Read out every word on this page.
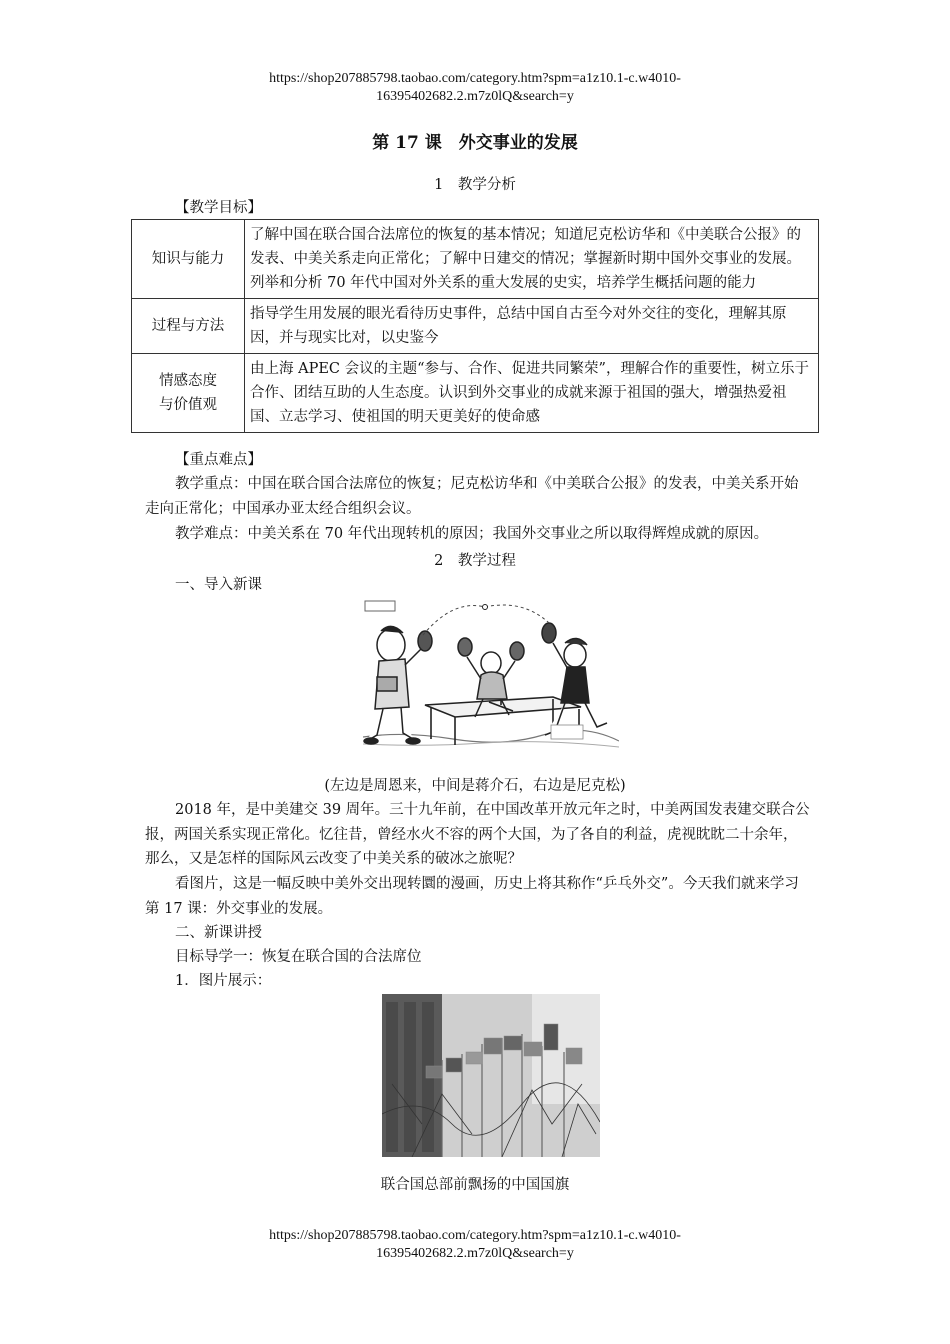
https://shop207885798.taobao.com/category.htm?spm=a1z10.1-c.w4010-
16395402682.2.m7z0lQ&search=y
第 17 课　外交事业的发展
1　教学分析
【教学目标】
知识与能力	了解中国在联合国合法席位的恢复的基本情况；知道尼克松访华和《中美联合公报》的发表、中美关系走向正常化；了解中日建交的情况；掌握新时期中国外交事业的发展。列举和分析 70 年代中国对外关系的重大发展的史实，培养学生概括问题的能力
过程与方法	指导学生用发展的眼光看待历史事件，总结中国自古至今对外交往的变化，理解其原因，并与现实比对，以史鉴今

情感态度
与价值观	由上海 APEC 会议的主题“参与、合作、促进共同繁荣”，理解合作的重要性，树立乐于合作、团结互助的人生态度。认识到外交事业的成就来源于祖国的强大，增强热爱祖国、立志学习、使祖国的明天更美好的使命感
【重点难点】
教学重点：中国在联合国合法席位的恢复；尼克松访华和《中美联合公报》的发表，中美关系开始走向正常化；中国承办亚太经合组织会议。
教学难点：中美关系在 70 年代出现转机的原因；我国外交事业之所以取得辉煌成就的原因。
2　教学过程
一、导入新课
(左边是周恩来，中间是蒋介石，右边是尼克松)
2018 年，是中美建交 39 周年。三十九年前，在中国改革开放元年之时，中美两国发表建交联合公报，两国关系实现正常化。忆往昔，曾经水火不容的两个大国，为了各自的利益，虎视眈眈二十余年，那么，又是怎样的国际风云改变了中美关系的破冰之旅呢？
看图片，这是一幅反映中美外交出现转圜的漫画，历史上将其称作“乒乓外交”。今天我们就来学习第 17 课：外交事业的发展。
二、新课讲授
目标导学一：恢复在联合国的合法席位
1．图片展示：
联合国总部前飘扬的中国国旗
https://shop207885798.taobao.com/category.htm?spm=a1z10.1-c.w4010-
16395402682.2.m7z0lQ&search=y
